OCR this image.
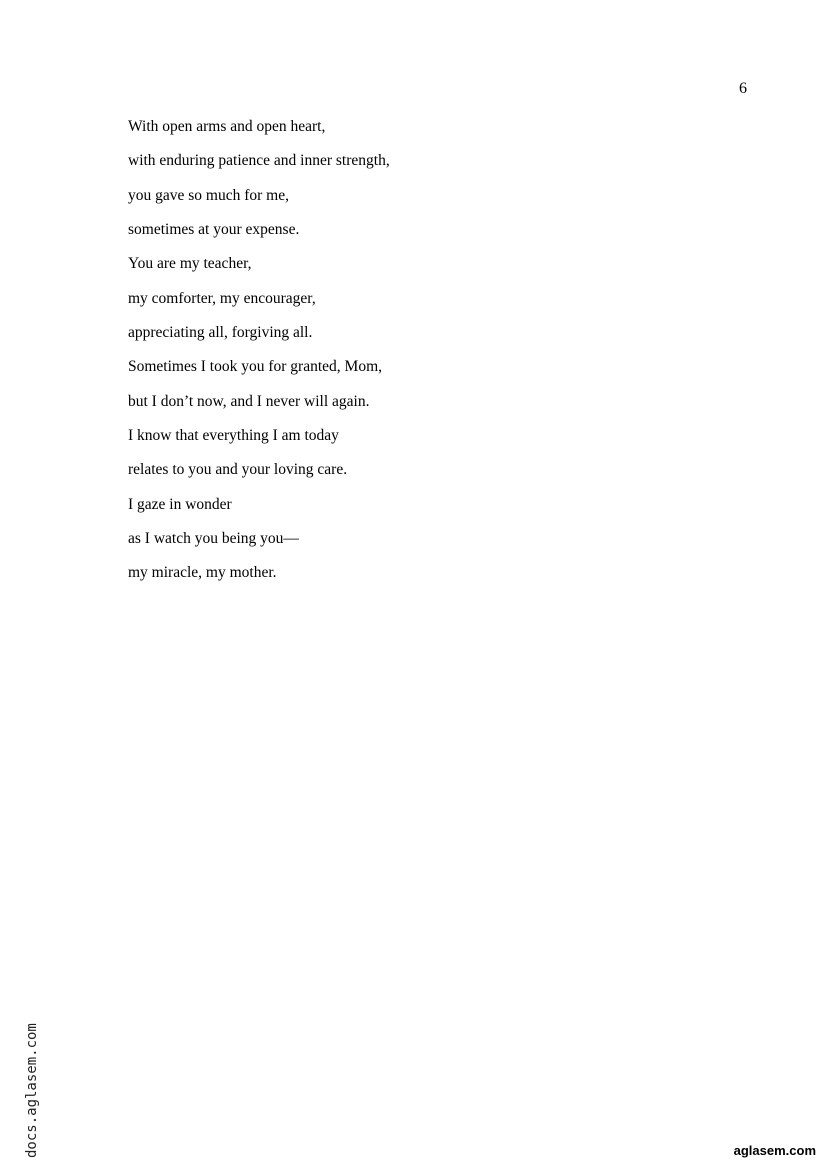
6
With open arms and open heart,
with enduring patience and inner strength,
you gave so much for me,
sometimes at your expense.
You are my teacher,
my comforter, my encourager,
appreciating all, forgiving all.
Sometimes I took you for granted, Mom,
but I don’t now, and I never will again.
I know that everything I am today
relates to you and your loving care.
I gaze in wonder
as I watch you being you—
my miracle, my mother.
docs.aglasem.com	aglasem.com
